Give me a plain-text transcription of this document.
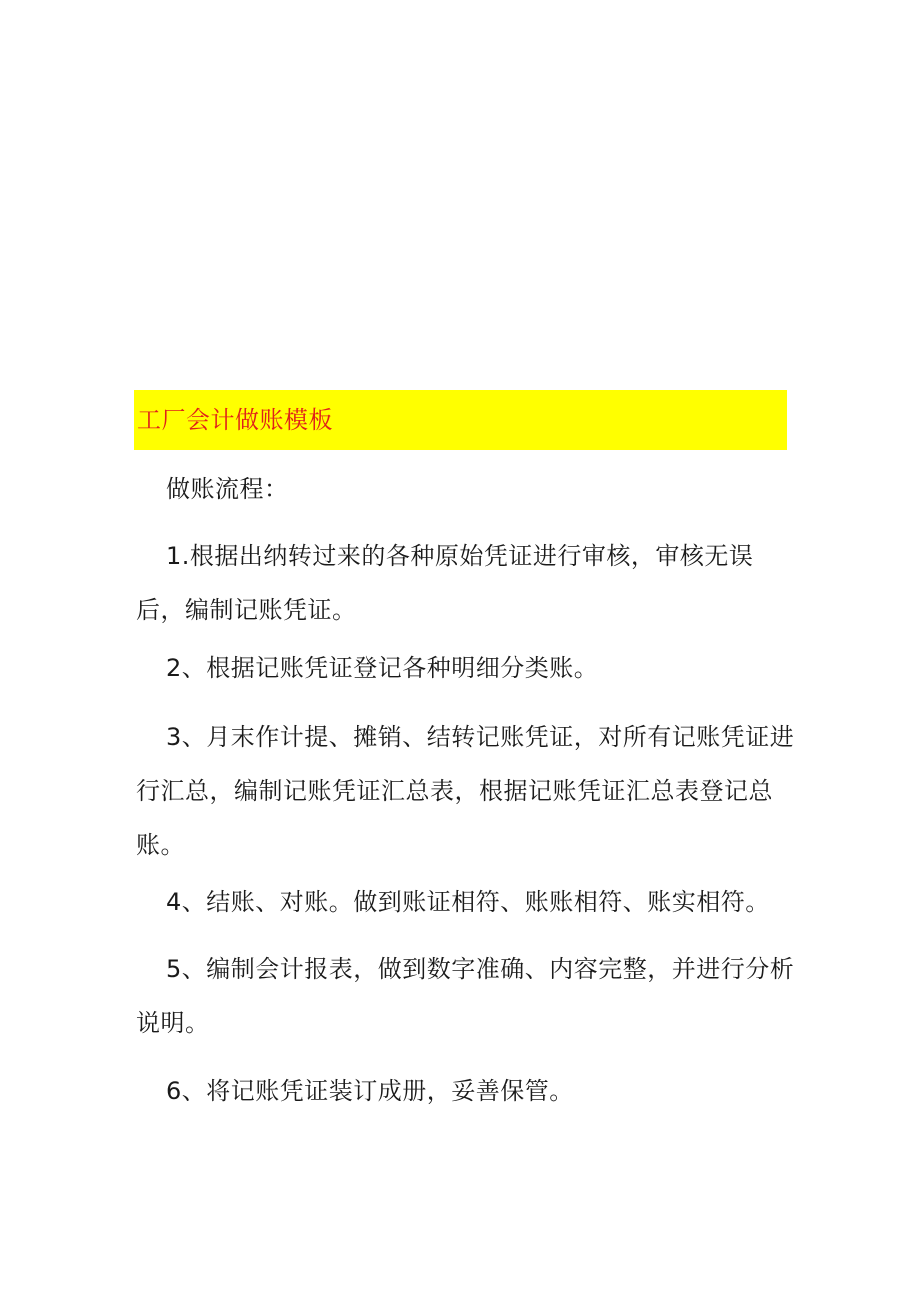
工厂会计做账模板

做账流程：

1.根据出纳转过来的各种原始凭证进行审核，审核无误后，编制记账凭证。

2、根据记账凭证登记各种明细分类账。

3、月末作计提、摊销、结转记账凭证，对所有记账凭证进行汇总，编制记账凭证汇总表，根据记账凭证汇总表登记总账。

4、结账、对账。做到账证相符、账账相符、账实相符。

5、编制会计报表，做到数字准确、内容完整，并进行分析说明。

6、将记账凭证装订成册，妥善保管。
